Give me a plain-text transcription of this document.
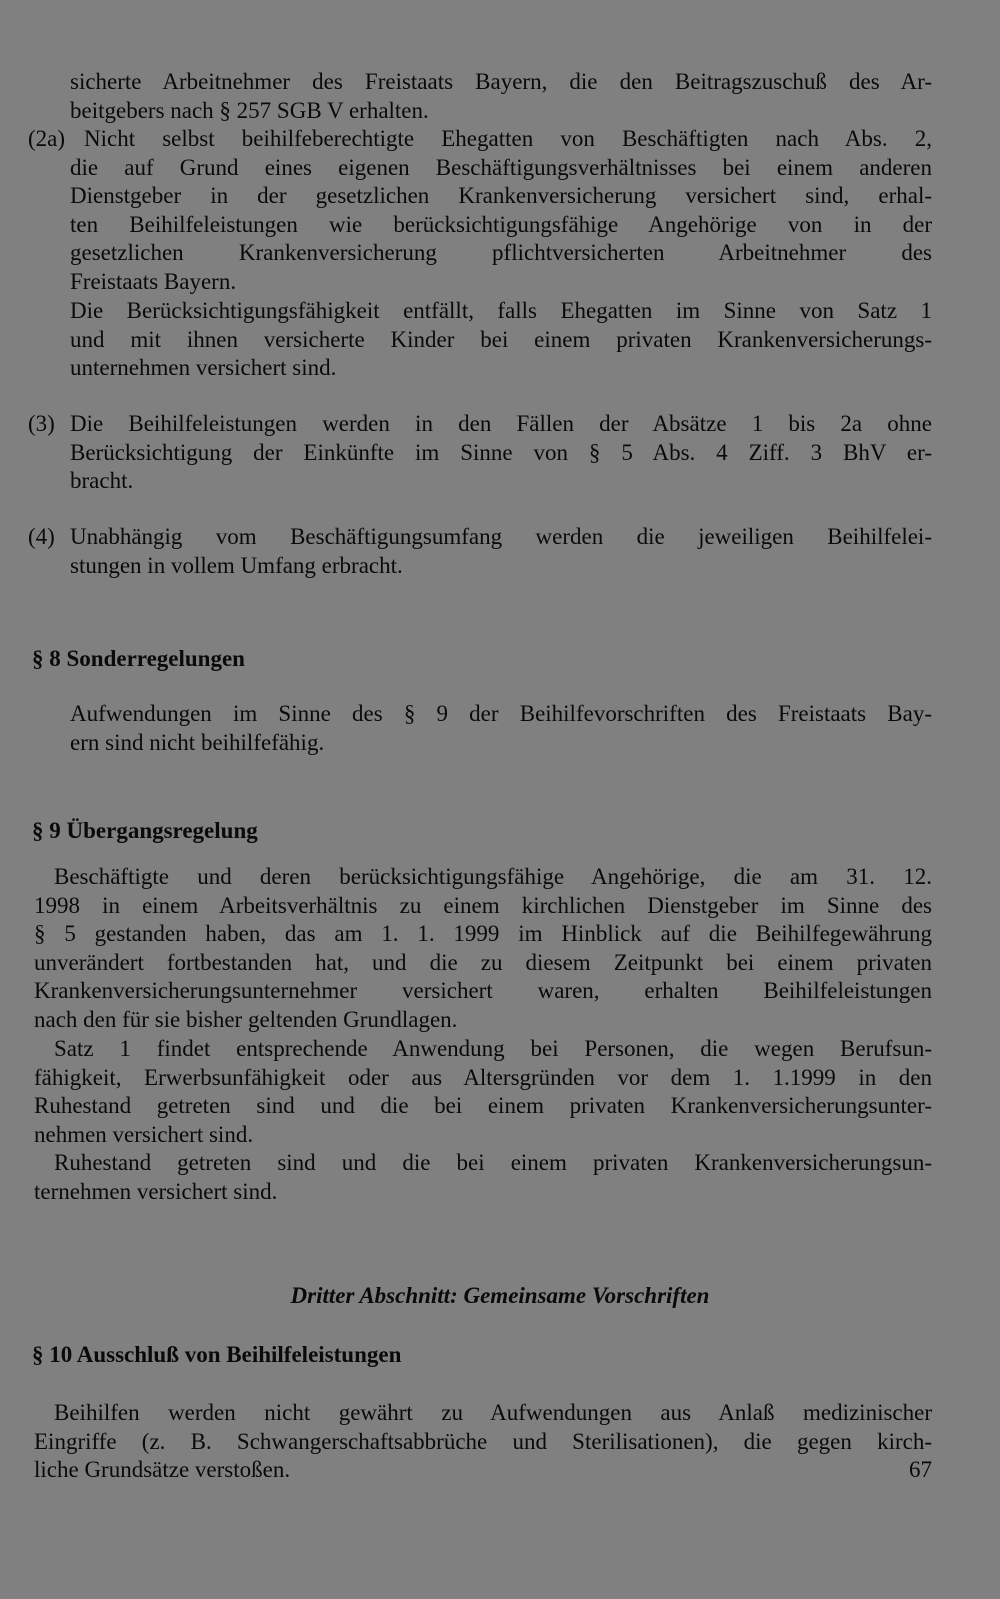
sicherte Arbeitnehmer des Freistaats Bayern, die den Beitragszuschuß des Ar-
beitgebers nach § 257 SGB V erhalten.
(2a) Nicht selbst beihilfeberechtigte Ehegatten von Beschäftigten nach Abs. 2,
die auf Grund eines eigenen Beschäftigungsverhältnisses bei einem anderen
Dienstgeber in der gesetzlichen Krankenversicherung versichert sind, erhal-
ten Beihilfeleistungen wie berücksichtigungsfähige Angehörige von in der
gesetzlichen Krankenversicherung pflichtversicherten Arbeitnehmer des
Freistaats Bayern.
Die Berücksichtigungsfähigkeit entfällt, falls Ehegatten im Sinne von Satz 1
und mit ihnen versicherte Kinder bei einem privaten Krankenversicherungs-
unternehmen versichert sind.
(3) Die Beihilfeleistungen werden in den Fällen der Absätze 1 bis 2a ohne
Berücksichtigung der Einkünfte im Sinne von § 5 Abs. 4 Ziff. 3 BhV er-
bracht.
(4) Unabhängig vom Beschäftigungsumfang werden die jeweiligen Beihilfelei-
stungen in vollem Umfang erbracht.
§ 8 Sonderregelungen
Aufwendungen im Sinne des § 9 der Beihilfevorschriften des Freistaats Bay-
ern sind nicht beihilfefähig.
§ 9 Übergangsregelung
Beschäftigte und deren berücksichtigungsfähige Angehörige, die am 31. 12.
1998 in einem Arbeitsverhältnis zu einem kirchlichen Dienstgeber im Sinne des
§ 5 gestanden haben, das am 1. 1. 1999 im Hinblick auf die Beihilfegewährung
unverändert fortbestanden hat, und die zu diesem Zeitpunkt bei einem privaten
Krankenversicherungsunternehmer versichert waren, erhalten Beihilfeleistungen
nach den für sie bisher geltenden Grundlagen.
Satz 1 findet entsprechende Anwendung bei Personen, die wegen Berufsun-
fähigkeit, Erwerbsunfähigkeit oder aus Altersgründen vor dem 1. 1.1999 in den
Ruhestand getreten sind und die bei einem privaten Krankenversicherungsunter-
nehmen versichert sind.
Ruhestand getreten sind und die bei einem privaten Krankenversicherungsun-
ternehmen versichert sind.
Dritter Abschnitt: Gemeinsame Vorschriften
§ 10 Ausschluß von Beihilfeleistungen
Beihilfen werden nicht gewährt zu Aufwendungen aus Anlaß medizinischer
Eingriffe (z. B. Schwangerschaftsabbrüche und Sterilisationen), die gegen kirch-
liche Grundsätze verstoßen.	67
